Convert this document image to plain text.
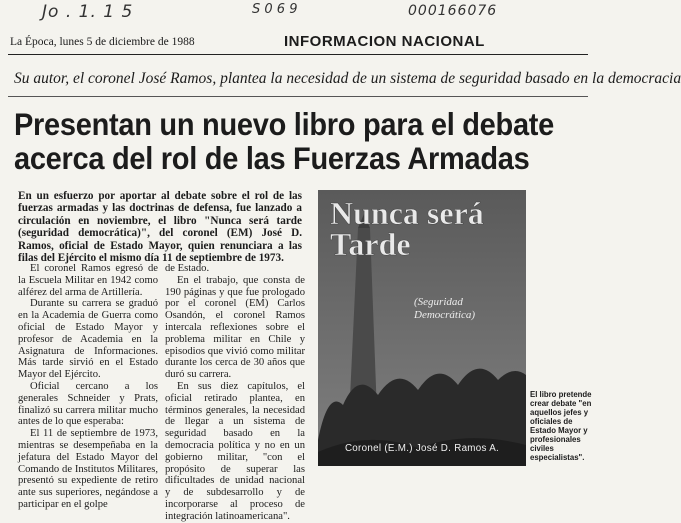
Jo . 1. 1 5	S 0 6 9	000166076
La Época, lunes 5 de diciembre de 1988	INFORMACION NACIONAL
Su autor, el coronel José Ramos, plantea la necesidad de un sistema de seguridad basado en la democracia
Presentan un nuevo libro para el debate
acerca del rol de las Fuerzas Armadas
En un esfuerzo por aportar al debate sobre el rol de las fuerzas armadas y las doctrinas de defensa, fue lanzado a circulación en noviembre, el libro "Nunca será tarde (seguridad democrática)", del coronel (EM) José D. Ramos, oficial de Estado Mayor, quien renunciara a las filas del Ejército el mismo día 11 de septiembre de 1973.

El coronel Ramos egresó de la Escuela Militar en 1942 como alférez del arma de Artillería.

Durante su carrera se graduó en la Academia de Guerra como oficial de Estado Mayor y profesor de Academia en la Asignatura de Informaciones. Más tarde sirvió en el Estado Mayor del Ejército.

Oficial cercano a los generales Schneider y Prats, finalizó su carrera militar mucho antes de lo que esperaba:

El 11 de septiembre de 1973, mientras se desempeñaba en la jefatura del Estado Mayor del Comando de Institutos Militares, presentó su expediente de retiro ante sus superiores, negándose a participar en el golpe

de Estado.

En el trabajo, que consta de 190 páginas y que fue prologado por el coronel (EM) Carlos Osandón, el coronel Ramos intercala reflexiones sobre el problema militar en Chile y episodios que vivió como militar durante los cerca de 30 años que duró su carrera.

En sus diez capítulos, el oficial retirado plantea, en términos generales, la necesidad de llegar a un sistema de seguridad basado en la democracia política y no en un gobierno militar, "con el propósito de superar las dificultades de unidad nacional y de subdesarrollo y de incorporarse al proceso de integración latinoamericana".

Nunca será Tarde
(Seguridad Democrática)
Coronel (E.M.) José D. Ramos A.
El libro pretende crear debate "en aquellos jefes y oficiales de Estado Mayor y profesionales civiles especialistas".
